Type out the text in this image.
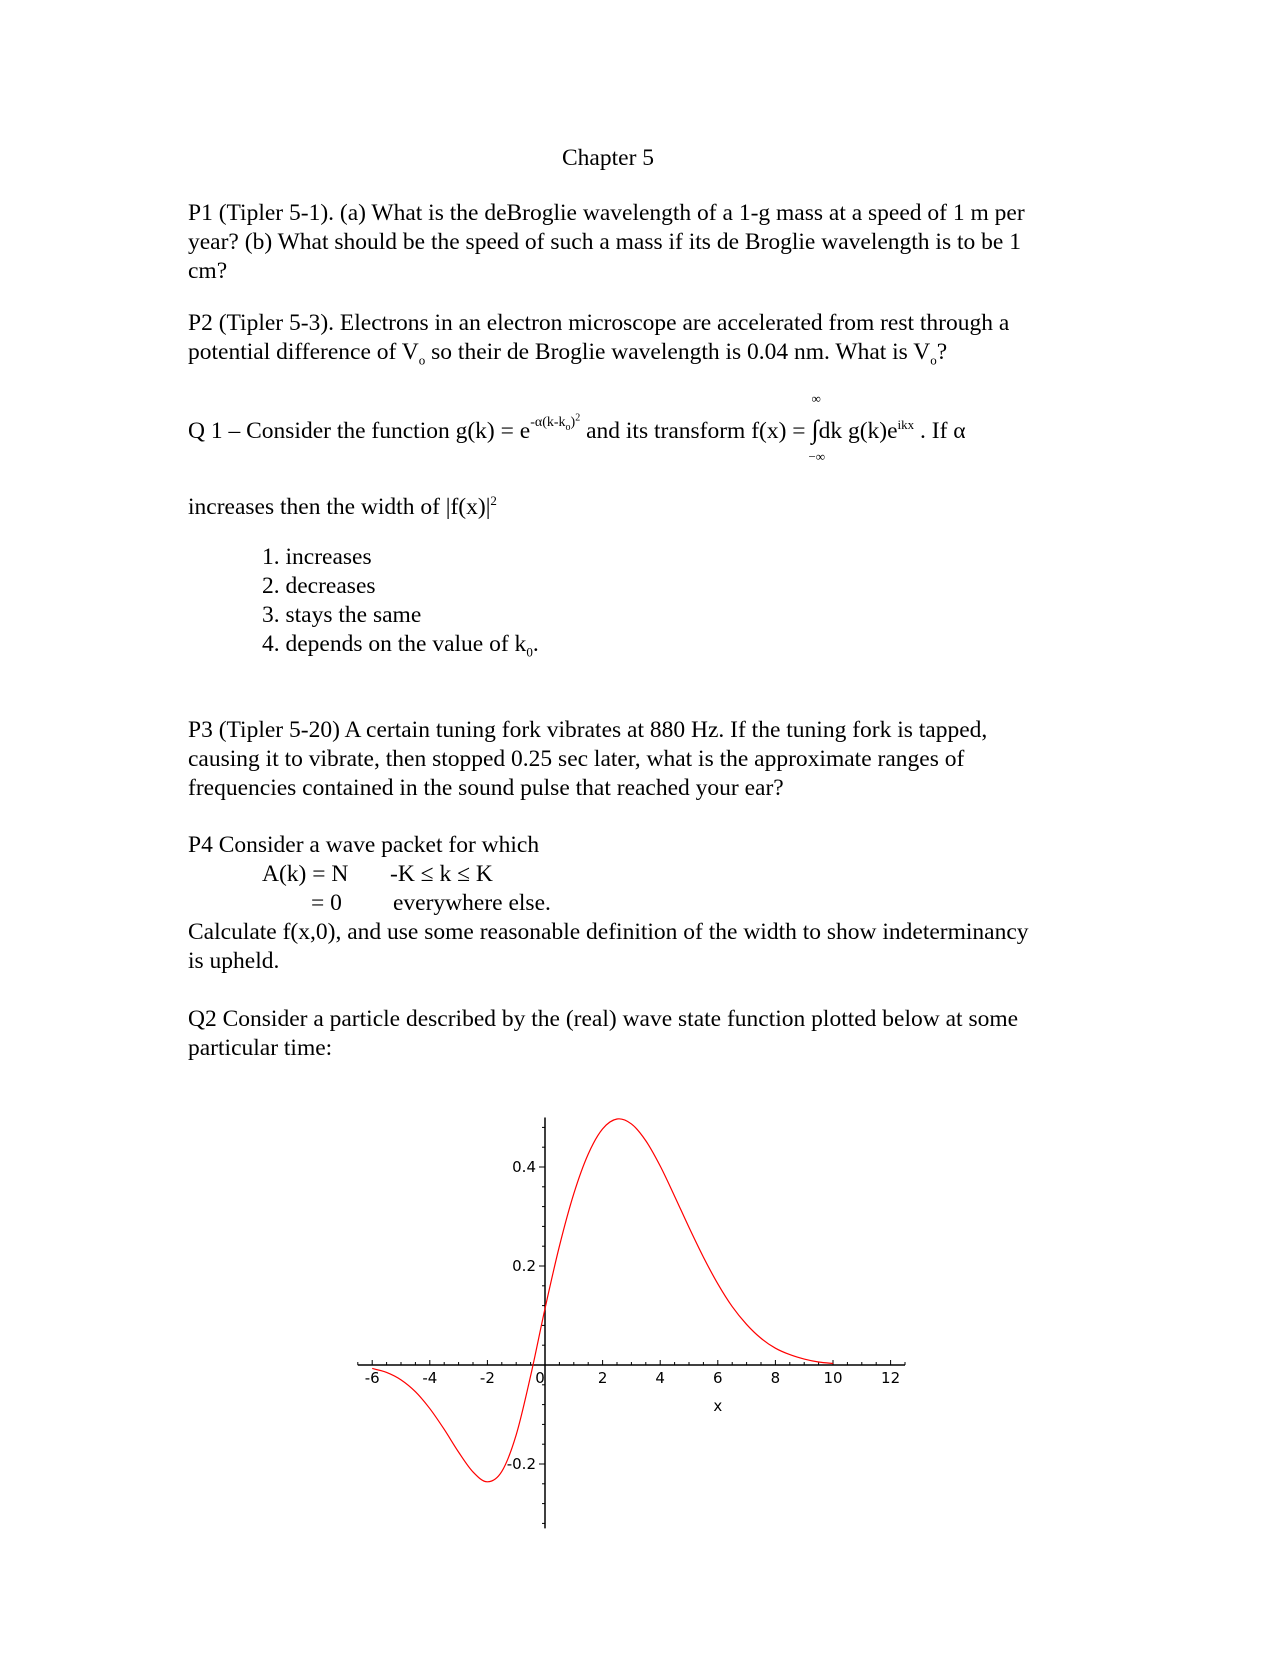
Chapter 5
P1 (Tipler 5-1). (a) What is the deBroglie wavelength of a 1-g mass at a speed of 1 m per
year? (b) What should be the speed of such a mass if its de Broglie wavelength is to be 1
cm?
P2 (Tipler 5-3). Electrons in an electron microscope are accelerated from rest through a
potential difference of $V_o$ so their de Broglie wavelength is 0.04 nm. What is $V_o$?
Q 1 – Consider the function $g(k) = e^{-\alpha(k-k_o)^2}$ and its transform f(x) =
∞
∫
−∞
dk $g(k)e^{ikx}$ . If α
increases then the width of $|f(x)|^2$
1. increases
2. decreases
3. stays the same
4. depends on the value of $k_0$.
P3 (Tipler 5-20) A certain tuning fork vibrates at 880 Hz. If the tuning fork is tapped,
causing it to vibrate, then stopped 0.25 sec later, what is the approximate ranges of
frequencies contained in the sound pulse that reached your ear?
P4 Consider a wave packet for which
A(k) = N -K ≤ k ≤ K
= 0 everywhere else.
Calculate f(x,0), and use some reasonable definition of the width to show indeterminancy
is upheld.
Q2 Consider a particle described by the (real) wave state function plotted below at some
particular time:
-6	-4	-2	0	2	4	6	8	10	12
0.4
0.2
-0.2
x
